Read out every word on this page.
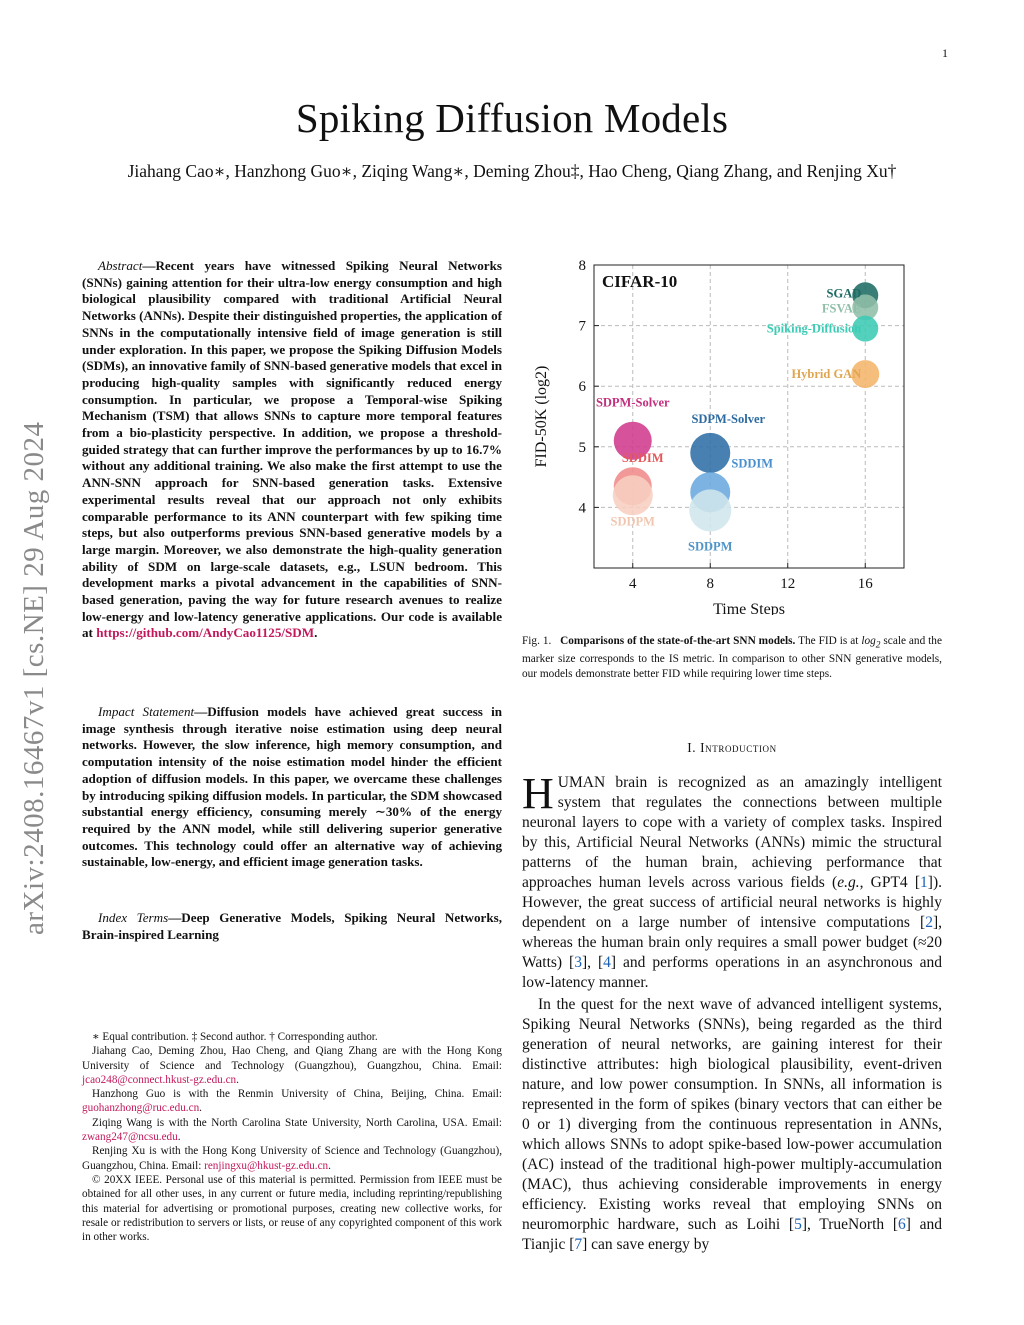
1
Spiking Diffusion Models
Jiahang Cao∗, Hanzhong Guo∗, Ziqing Wang∗, Deming Zhou‡, Hao Cheng, Qiang Zhang, and Renjing Xu†
arXiv:2408.16467v1 [cs.NE] 29 Aug 2024

Abstract—Recent years have witnessed Spiking Neural Networks (SNNs) gaining attention for their ultra-low energy consumption and high biological plausibility compared with traditional Artificial Neural Networks (ANNs). Despite their distinguished properties, the application of SNNs in the computationally intensive field of image generation is still under exploration. In this paper, we propose the Spiking Diffusion Models (SDMs), an innovative family of SNN-based generative models that excel in producing high-quality samples with significantly reduced energy consumption. In particular, we propose a Temporal-wise Spiking Mechanism (TSM) that allows SNNs to capture more temporal features from a bio-plasticity perspective. In addition, we propose a threshold-guided strategy that can further improve the performances by up to 16.7% without any additional training. We also make the first attempt to use the ANN-SNN approach for SNN-based generation tasks. Extensive experimental results reveal that our approach not only exhibits comparable performance to its ANN counterpart with few spiking time steps, but also outperforms previous SNN-based generative models by a large margin. Moreover, we also demonstrate the high-quality generation ability of SDM on large-scale datasets, e.g., LSUN bedroom. This development marks a pivotal advancement in the capabilities of SNN-based generation, paving the way for future research avenues to realize low-energy and low-latency generative applications. Our code is available at https://github.com/AndyCao1125/SDM.

Impact Statement—Diffusion models have achieved great success in image synthesis through iterative noise estimation using deep neural networks. However, the slow inference, high memory consumption, and computation intensity of the noise estimation model hinder the efficient adoption of diffusion models. In this paper, we overcame these challenges by introducing spiking diffusion models. In particular, the SDM showcased substantial energy efficiency, consuming merely ∼30% of the energy required by the ANN model, while still delivering superior generative outcomes. This technology could offer an alternative way of achieving sustainable, low-energy, and efficient image generation tasks.

Index Terms—Deep Generative Models, Spiking Neural Networks, Brain-inspired Learning

∗ Equal contribution. ‡ Second author. † Corresponding author.

Jiahang Cao, Deming Zhou, Hao Cheng, and Qiang Zhang are with the Hong Kong University of Science and Technology (Guangzhou), Guangzhou, China. Email: jcao248@connect.hkust-gz.edu.cn.

Hanzhong Guo is with the Renmin University of China, Beijing, China. Email: guohanzhong@ruc.edu.cn.

Ziqing Wang is with the North Carolina State University, North Carolina, USA. Email: zwang247@ncsu.edu.

Renjing Xu is with the Hong Kong University of Science and Technology (Guangzhou), Guangzhou, China. Email: renjingxu@hkust-gz.edu.cn.

© 20XX IEEE. Personal use of this material is permitted. Permission from IEEE must be obtained for all other uses, in any current or future media, including reprinting/republishing this material for advertising or promotional purposes, creating new collective works, for resale or redistribution to servers or lists, or reuse of any copyrighted component of this work in other works.

SGAD
FSVAE
Spiking-Diffusion
Hybrid GAN
SDPM-Solver
SDDIM
SDDPM
SDPM-Solver
SDDIM
SDDPM
4	8	12	16
4
5
6
7
8
CIFAR-10
Time Steps
FID-50K (log2)
Fig. 1. Comparisons of the state-of-the-art SNN models. The FID is at $\log_2$ scale and the marker size corresponds to the IS metric. In comparison to other SNN generative models, our models demonstrate better FID while requiring lower time steps.
I. Introduction

HUMAN brain is recognized as an amazingly intelligent system that regulates the connections between multiple neuronal layers to cope with a variety of complex tasks. Inspired by this, Artificial Neural Networks (ANNs) mimic the structural patterns of the human brain, achieving performance that approaches human levels across various fields (e.g., GPT4 [1]). However, the great success of artificial neural networks is highly dependent on a large number of intensive computations [2], whereas the human brain only requires a small power budget (≈20 Watts) [3], [4] and performs operations in an asynchronous and low-latency manner.

In the quest for the next wave of advanced intelligent systems, Spiking Neural Networks (SNNs), being regarded as the third generation of neural networks, are gaining interest for their distinctive attributes: high biological plausibility, event-driven nature, and low power consumption. In SNNs, all information is represented in the form of spikes (binary vectors that can either be 0 or 1) diverging from the continuous representation in ANNs, which allows SNNs to adopt spike-based low-power accumulation (AC) instead of the traditional high-power multiply-accumulation (MAC), thus achieving considerable improvements in energy efficiency. Existing works reveal that employing SNNs on neuromorphic hardware, such as Loihi [5], TrueNorth [6] and Tianjic [7] can save energy by
